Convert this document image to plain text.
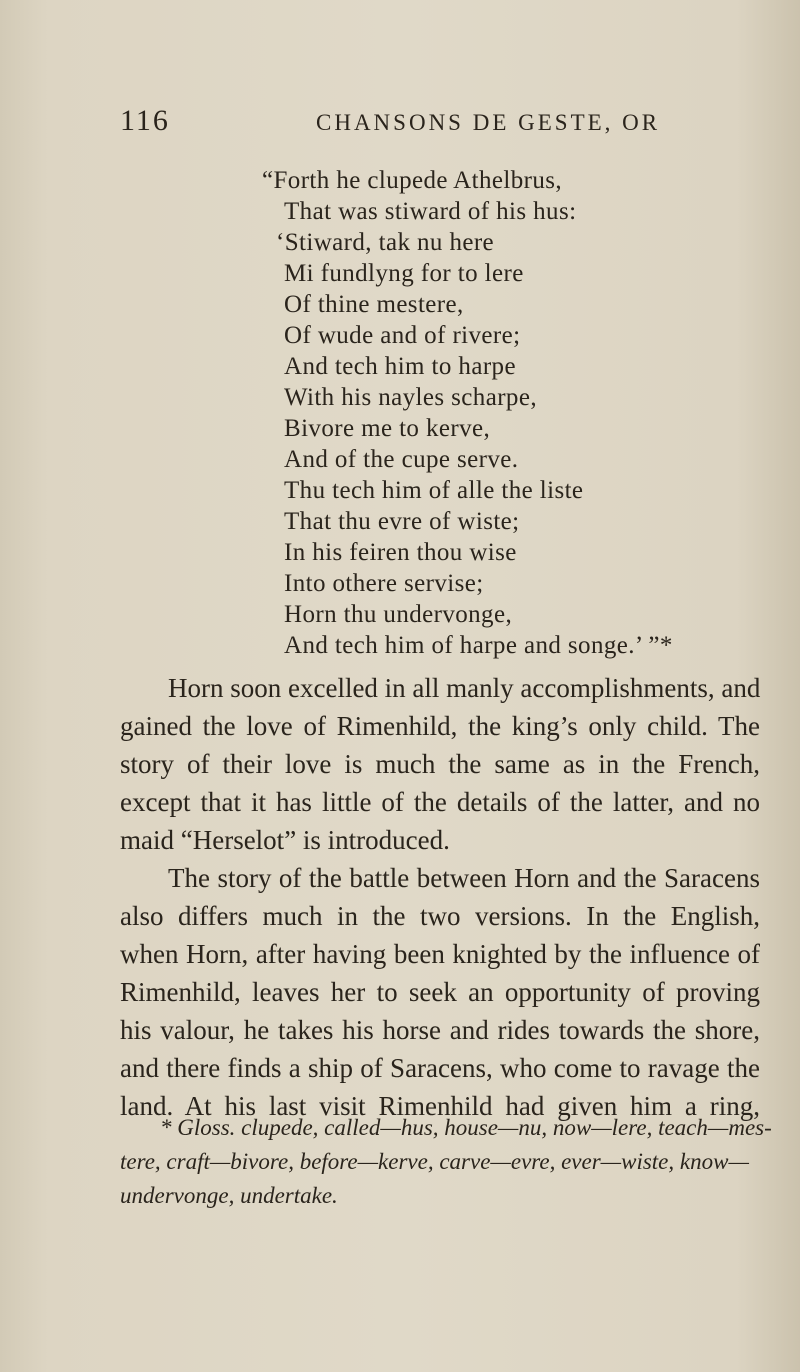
116	CHANSONS DE GESTE, OR
“Forth he clupede Athelbrus,
That was stiward of his hus:
‘Stiward, tak nu here
Mi fundlyng for to lere
Of thine mestere,
Of wude and of rivere;
And tech him to harpe
With his nayles scharpe,
Bivore me to kerve,
And of the cupe serve.
Thu tech him of alle the liste
That thu evre of wiste;
In his feiren thou wise
Into othere servise;
Horn thu undervonge,
And tech him of harpe and songe.’ ”*
Horn soon excelled in all manly accomplishments, and
gained the love of Rimenhild, the king’s only child. The
story of their love is much the same as in the French,
except that it has little of the details of the latter, and no
maid “Herselot” is introduced.
The story of the battle between Horn and the Saracens
also differs much in the two versions. In the English,
when Horn, after having been knighted by the influence of
Rimenhild, leaves her to seek an opportunity of proving
his valour, he takes his horse and rides towards the shore,
and there finds a ship of Saracens, who come to ravage the
land. At his last visit Rimenhild had given him a ring,
* Gloss. clupede, called—hus, house—nu, now—lere, teach—mes-
tere, craft—bivore, before—kerve, carve—evre, ever—wiste, know—
undervonge, undertake.
